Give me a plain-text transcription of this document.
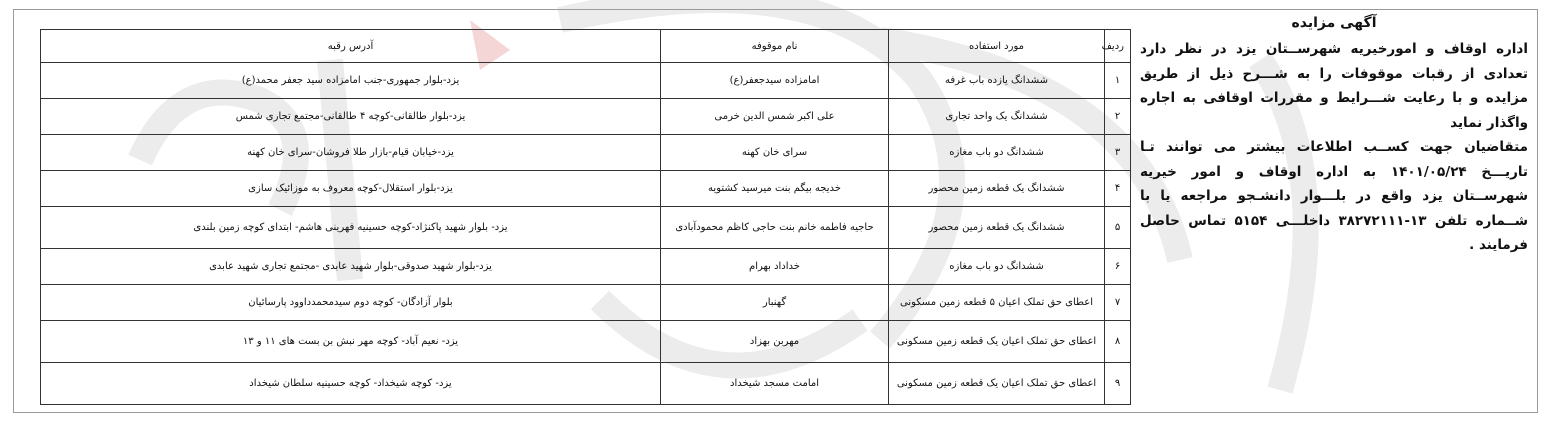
آگهی مزایده

اداره اوقاف و امورخیریه شهرســتان یزد در نظر دارد تعدادی از رقبات موقوفات را به شـــرح ذیل از طریق مزایده و با رعایت شـــرایط و مقررات اوقافی به اجاره واگذار نماید

متقاضیان جهت کســب اطلاعات بیشتر می توانند تـا تاریـــخ ۱۴۰۱/۰۵/۲۴ به اداره اوقاف و امور خیریه شهرســتان یزد واقع در بلـــوار دانشـجو مراجعه یا با شــماره تلفن ۱۳-۳۸۲۷۲۱۱۱ داخلـــی ۵۱۵۴ تماس حاصل فرمایند .

ردیف	مورد استفاده	نام موقوفه	آدرس رقبه
۱	ششدانگ یازده باب غرفه	امامزاده سیدجعفر(ع)	یزد-بلوار جمهوری-جنب امامزاده سید جعفر محمد(ع)
۲	ششدانگ یک واحد تجاری	علی اکبر شمس الدین خرمی	یزد-بلوار طالقانی-کوچه ۴ طالقانی-مجتمع تجاری شمس
۳	ششدانگ دو باب مغازه	سرای خان کهنه	یزد-خیابان قیام-بازار طلا فروشان-سرای خان کهنه
۴	ششدانگ یک قطعه زمین محصور	خدیجه بیگم بنت میرسید کشتویه	یزد-بلوار استقلال-کوچه معروف به موزائیک سازی
۵	ششدانگ یک قطعه زمین محصور	حاجیه فاطمه خانم بنت حاجی کاظم محمودآبادی	یزد- بلوار شهید پاکنژاد-کوچه حسینیه فهرینی هاشم- ابتدای کوچه زمین بلندی
۶	ششدانگ دو باب مغازه	خداداد بهرام	یزد-بلوار شهید صدوقی-بلوار شهید عابدی -مجتمع تجاری شهید عابدی
۷	اعطای حق تملک اعیان ۵ قطعه زمین مسکونی	گهنبار	بلوار آزادگان- کوچه دوم سیدمحمدداوود پارسائیان
۸	اعطای حق تملک اعیان یک قطعه زمین مسکونی	مهربن بهزاد	یزد- نعیم آباد- کوچه مهر نبش بن بست های ۱۱ و ۱۳
۹	اعطای حق تملک اعیان یک قطعه زمین مسکونی	امامت مسجد شیخداد	یزد- کوچه شیخداد- کوچه حسینیه سلطان شیخداد
